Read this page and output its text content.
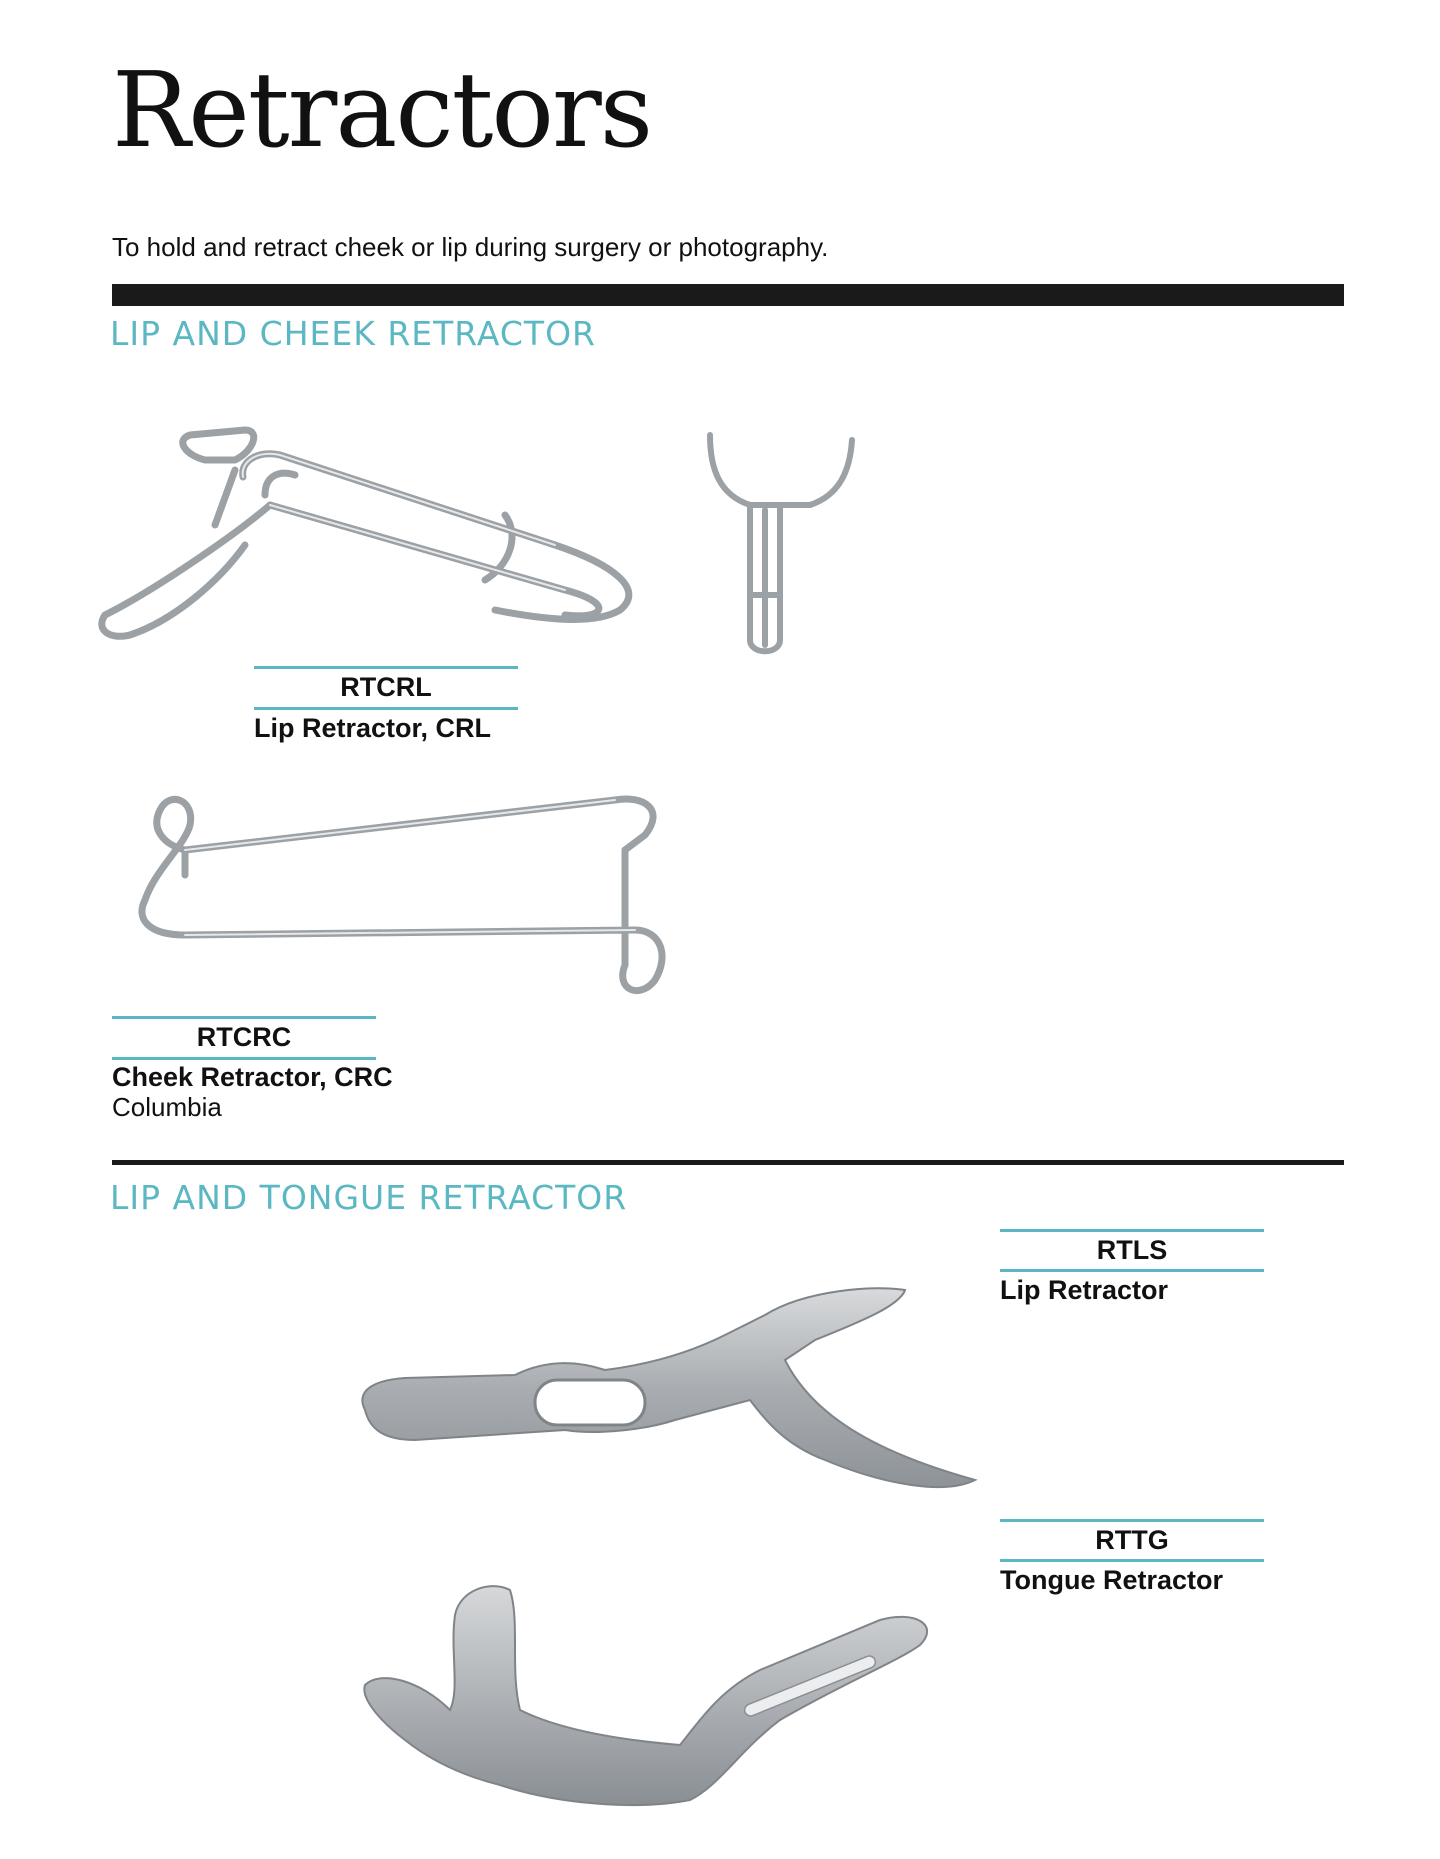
Retractors
To hold and retract cheek or lip during surgery or photography.
LIP AND CHEEK RETRACTOR
RTCRL
Lip Retractor, CRL
RTCRC
Cheek Retractor, CRC
Columbia
LIP AND TONGUE RETRACTOR
RTLS
Lip Retractor
RTTG
Tongue Retractor
